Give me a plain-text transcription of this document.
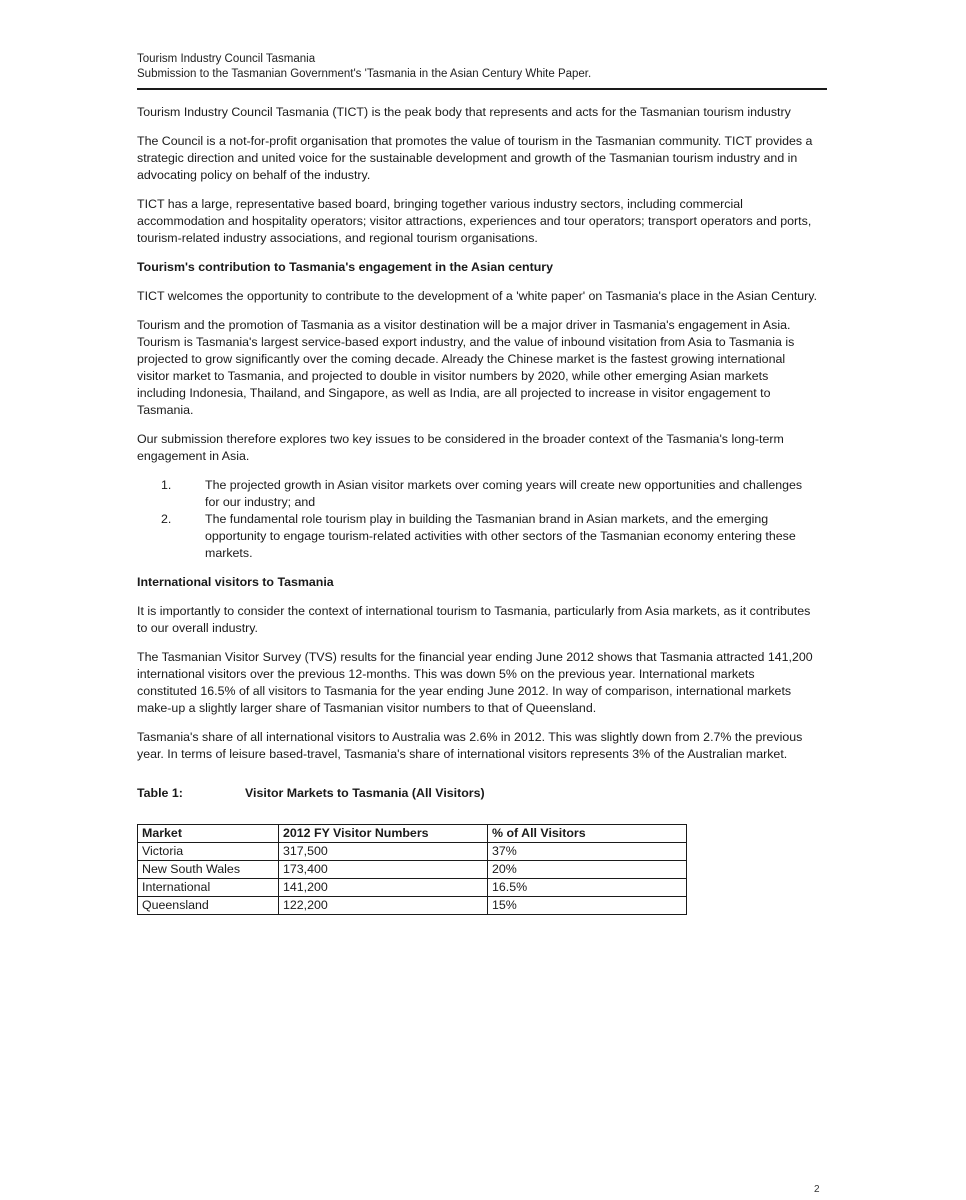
Tourism Industry Council Tasmania
Submission to the Tasmanian Government's 'Tasmania in the Asian Century White Paper.

Tourism Industry Council Tasmania (TICT) is the peak body that represents and acts for the Tasmanian tourism industry

The Council is a not-for-profit organisation that promotes the value of tourism in the Tasmanian community. TICT provides a strategic direction and united voice for the sustainable development and growth of the Tasmanian tourism industry and in advocating policy on behalf of the industry.

TICT has a large, representative based board, bringing together various industry sectors, including commercial accommodation and hospitality operators; visitor attractions, experiences and tour operators; transport operators and ports, tourism-related industry associations, and regional tourism organisations.

Tourism's contribution to Tasmania's engagement in the Asian century

TICT welcomes the opportunity to contribute to the development of a 'white paper' on Tasmania's place in the Asian Century.

Tourism and the promotion of Tasmania as a visitor destination will be a major driver in Tasmania's engagement in Asia. Tourism is Tasmania's largest service-based export industry, and the value of inbound visitation from Asia to Tasmania is projected to grow significantly over the coming decade. Already the Chinese market is the fastest growing international visitor market to Tasmania, and projected to double in visitor numbers by 2020, while other emerging Asian markets including Indonesia, Thailand, and Singapore, as well as India, are all projected to increase in visitor engagement to Tasmania.

Our submission therefore explores two key issues to be considered in the broader context of the Tasmania's long-term engagement in Asia.

1.	The projected growth in Asian visitor markets over coming years will create new opportunities and challenges for our industry; and
2.	The fundamental role tourism play in building the Tasmanian brand in Asian markets, and the emerging opportunity to engage tourism-related activities with other sectors of the Tasmanian economy entering these markets.
International visitors to Tasmania

It is importantly to consider the context of international tourism to Tasmania, particularly from Asia markets, as it contributes to our overall industry.

The Tasmanian Visitor Survey (TVS) results for the financial year ending June 2012 shows that Tasmania attracted 141,200 international visitors over the previous 12-months. This was down 5% on the previous year. International markets constituted 16.5% of all visitors to Tasmania for the year ending June 2012. In way of comparison, international markets make-up a slightly larger share of Tasmanian visitor numbers to that of Queensland.

Tasmania's share of all international visitors to Australia was 2.6% in 2012. This was slightly down from 2.7% the previous year. In terms of leisure based-travel, Tasmania's share of international visitors represents 3% of the Australian market.

Table 1:	Visitor Markets to Tasmania (All Visitors)
Market	2012 FY Visitor Numbers	% of All Visitors
Victoria	317,500	37%
New South Wales	173,400	20%
International	141,200	16.5%
Queensland	122,200	15%
2
